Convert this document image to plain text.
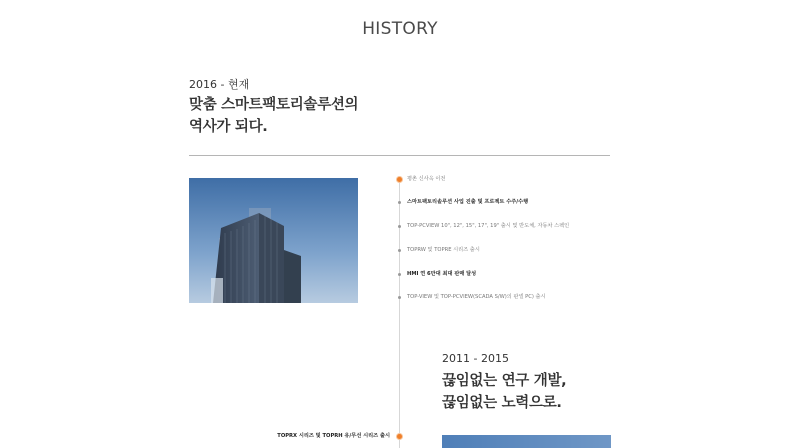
HISTORY
2016 - 현재
맞춤 스마트팩토리솔루션의
역사가 되다.
평촌 신사옥 이전
스마트팩토리솔루션 사업 진출 및 프로젝트 수주/수행
TOP-PCVIEW 10", 12", 15", 17", 19" 출시 및 반도체, 자동차 스펙인
TOPRW 및 TOPRE 시리즈 출시
HMI 연 6만대 최대 판매 달성
TOP-VIEW 및 TOP-PCVIEW(SCADA S/W)의 판넬 PC) 출시
2011 - 2015
끊임없는 연구 개발,
끊임없는 노력으로.
TOPRX 시리즈 및 TOPRH 유/무선 시리즈 출시
